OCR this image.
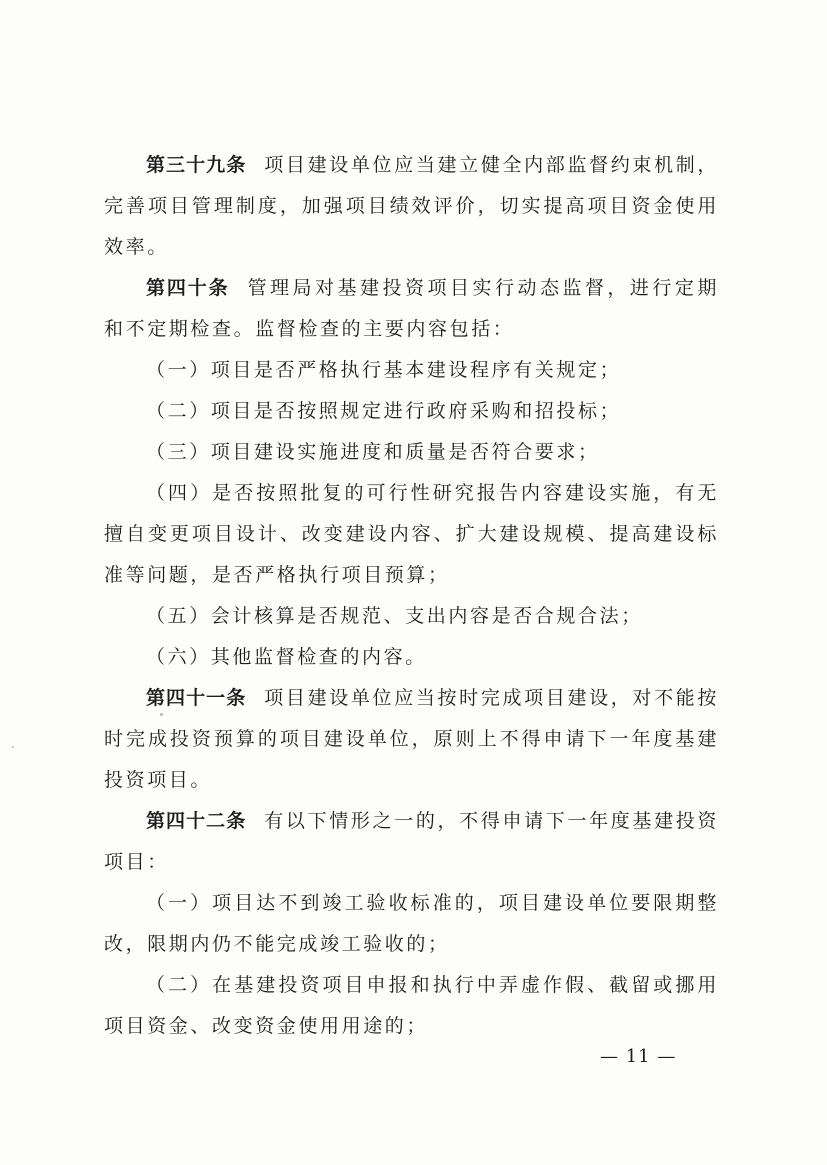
第三十九条 项目建设单位应当建立健全内部监督约束机制，完善项目管理制度，加强项目绩效评价，切实提高项目资金使用效率。

第四十条 管理局对基建投资项目实行动态监督，进行定期和不定期检查。监督检查的主要内容包括：

（一）项目是否严格执行基本建设程序有关规定；

（二）项目是否按照规定进行政府采购和招投标；

（三）项目建设实施进度和质量是否符合要求；

（四）是否按照批复的可行性研究报告内容建设实施，有无擅自变更项目设计、改变建设内容、扩大建设规模、提高建设标准等问题，是否严格执行项目预算；

（五）会计核算是否规范、支出内容是否合规合法；

（六）其他监督检查的内容。

第四十一条 项目建设单位应当按时完成项目建设，对不能按时完成投资预算的项目建设单位，原则上不得申请下一年度基建投资项目。

第四十二条 有以下情形之一的，不得申请下一年度基建投资项目：

（一）项目达不到竣工验收标准的，项目建设单位要限期整改，限期内仍不能完成竣工验收的；

（二）在基建投资项目申报和执行中弄虚作假、截留或挪用项目资金、改变资金使用用途的；

— 11 —
